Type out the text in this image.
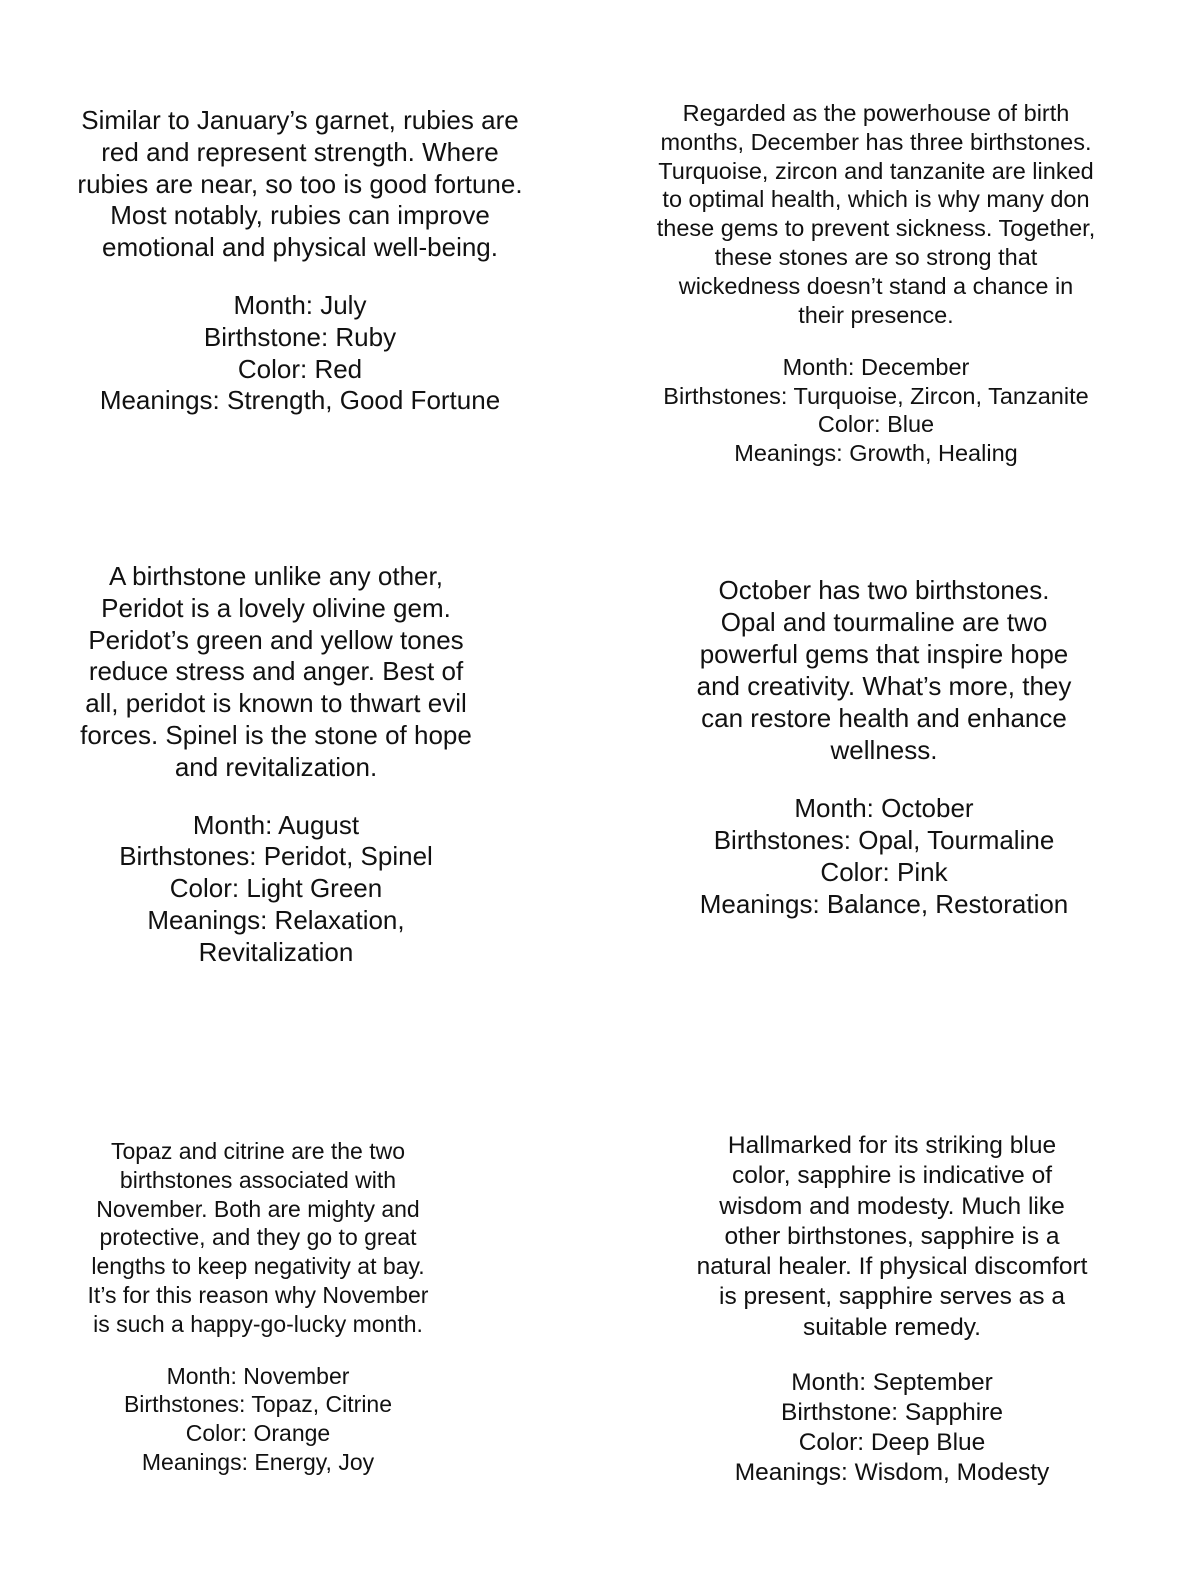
Similar to January’s garnet, rubies are
red and represent strength. Where
rubies are near, so too is good fortune.
Most notably, rubies can improve
emotional and physical well-being.

Month: July

Birthstone: Ruby

Color: Red

Meanings: Strength, Good Fortune

Regarded as the powerhouse of birth
months, December has three birthstones.
Turquoise, zircon and tanzanite are linked
to optimal health, which is why many don
these gems to prevent sickness. Together,
these stones are so strong that
wickedness doesn’t stand a chance in
their presence.

Month: December

Birthstones: Turquoise, Zircon, Tanzanite

Color: Blue

Meanings: Growth, Healing

A birthstone unlike any other,
Peridot is a lovely olivine gem.
Peridot’s green and yellow tones
reduce stress and anger. Best of
all, peridot is known to thwart evil
forces. Spinel is the stone of hope
and revitalization.

Month: August

Birthstones: Peridot, Spinel

Color: Light Green

Meanings: Relaxation,
Revitalization

October has two birthstones.
Opal and tourmaline are two
powerful gems that inspire hope
and creativity. What’s more, they
can restore health and enhance
wellness.

Month: October

Birthstones: Opal, Tourmaline

Color: Pink

Meanings: Balance, Restoration

Topaz and citrine are the two
birthstones associated with
November. Both are mighty and
protective, and they go to great
lengths to keep negativity at bay.
It’s for this reason why November
is such a happy-go-lucky month.

Month: November

Birthstones: Topaz, Citrine

Color: Orange

Meanings: Energy, Joy

Hallmarked for its striking blue
color, sapphire is indicative of
wisdom and modesty. Much like
other birthstones, sapphire is a
natural healer. If physical discomfort
is present, sapphire serves as a
suitable remedy.

Month: September

Birthstone: Sapphire

Color: Deep Blue

Meanings: Wisdom, Modesty
